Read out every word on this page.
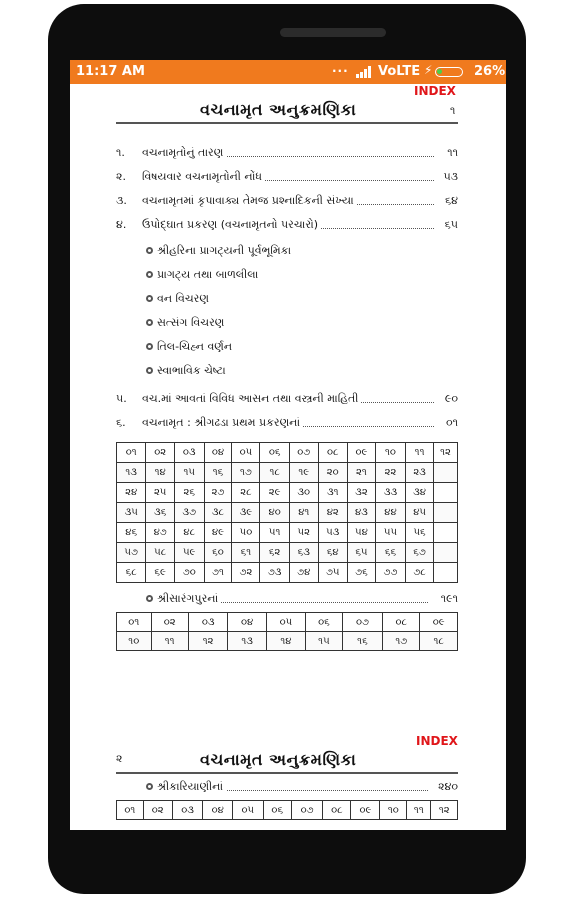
11:17 AM	... VoLTE ⚡	26%
INDEX
વચનામૃત અનુક્રમણિકા	૧
૧.	વચનામૃતોનું તારણ	૧૧
૨.	વિષયવાર વચનામૃતોની નોંધ	૫૩
૩.	વચનામૃતમાં કૃપાવાક્ય તેમજ પ્રશ્નાદિકની સંખ્યા	૬૪
૪.	ઉપોદ્ઘાત પ્રકરણ (વચનામૃતનો પરચારો)	૬૫
શ્રીહરિના પ્રાગટ્યની પૂર્વભૂમિકા
પ્રાગટ્ય તથા બાળલીલા
વન વિચરણ
સત્સંગ વિચરણ
તિલ-ચિહ્ન વર્ણન
સ્વાભાવિક ચેષ્ટા
૫.	વચ.માં આવતાં વિવિધ આસન તથા વસ્ત્રની માહિતી	૯૦
૬.	વચનામૃત : શ્રીગઢડા પ્રથમ પ્રકરણનાં	૦૧
૦૧	૦૨	૦૩	૦૪	૦૫	૦૬	૦૭	૦૮	૦૯	૧૦	૧૧	૧૨
૧૩	૧૪	૧૫	૧૬	૧૭	૧૮	૧૯	૨૦	૨૧	૨૨	૨૩	
૨૪	૨૫	૨૬	૨૭	૨૮	૨૯	૩૦	૩૧	૩૨	૩૩	૩૪	
૩૫	૩૬	૩૭	૩૮	૩૯	૪૦	૪૧	૪૨	૪૩	૪૪	૪૫	
૪૬	૪૭	૪૮	૪૯	૫૦	૫૧	૫૨	૫૩	૫૪	૫૫	૫૬	
૫૭	૫૮	૫૯	૬૦	૬૧	૬૨	૬૩	૬૪	૬૫	૬૬	૬૭	
૬૮	૬૯	૭૦	૭૧	૭૨	૭૩	૭૪	૭૫	૭૬	૭૭	૭૮	
શ્રીસારંગપુરનાં	૧૯૧
૦૧	૦૨	૦૩	૦૪	૦૫	૦૬	૦૭	૦૮	૦૯
૧૦	૧૧	૧૨	૧૩	૧૪	૧૫	૧૬	૧૭	૧૮
INDEX
૨	વચનામૃત અનુક્રમણિકા
શ્રીકારિયાણીનાં	૨૪૦
૦૧	૦૨	૦૩	૦૪	૦૫	૦૬	૦૭	૦૮	૦૯	૧૦	૧૧	૧૨
